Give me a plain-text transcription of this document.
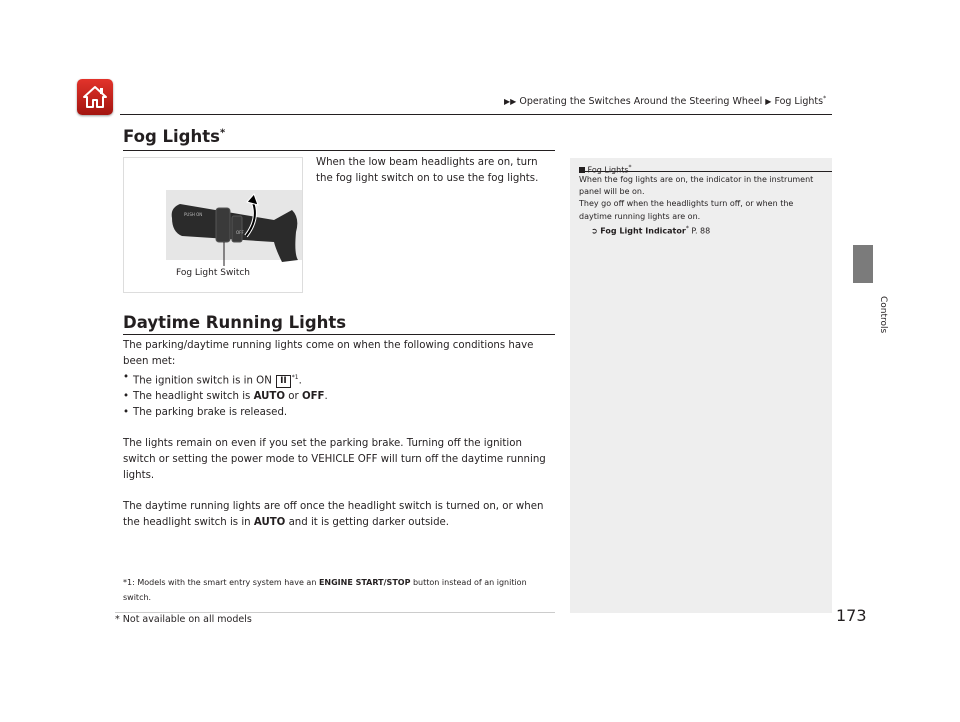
▶▶ Operating the Switches Around the Steering Wheel ▶ Fog Lights*
Controls
Fog Lights*
PUSH ON
OFF
Fog Light Switch
When the low beam headlights are on, turn the fog light switch on to use the fog lights.
Daytime Running Lights
The parking/daytime running lights come on when the following conditions have been met:
• The ignition switch is in ON II $^{*1}$.
• The headlight switch is AUTO or OFF.
• The parking brake is released.
The lights remain on even if you set the parking brake. Turning off the ignition switch or setting the power mode to VEHICLE OFF will turn off the daytime running lights.
The daytime running lights are off once the headlight switch is turned on, or when the headlight switch is in AUTO and it is getting darker outside.
*
When the fog lights are on, the indicator in the instrument panel will be on.
They go off when the headlights turn off, or when the daytime running lights are on.
➲ Fog Light Indicator* P. 88
*1: Models with the smart entry system have an ENGINE START/STOP button instead of an ignition switch.
* Not available on all models	173
